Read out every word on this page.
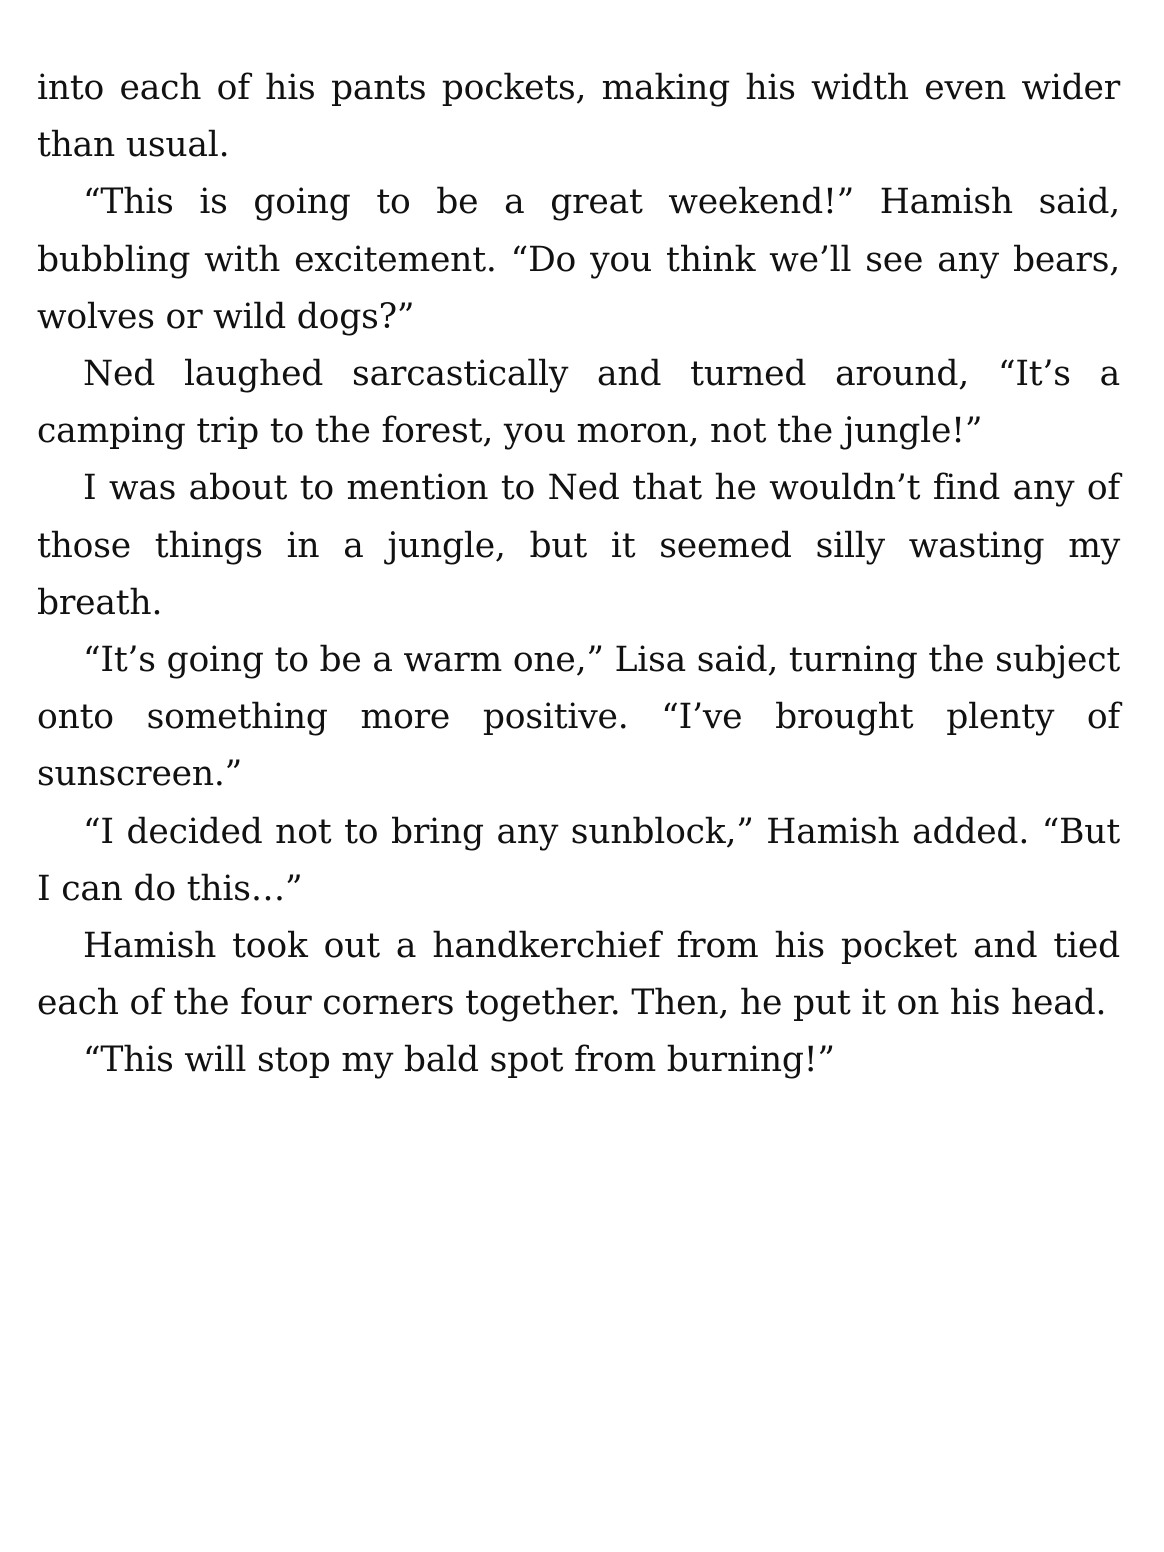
into each of his pants pockets, making his width even wider than usual.

“This is going to be a great weekend!” Hamish said, bubbling with excitement. “Do you think we’ll see any bears, wolves or wild dogs?”

Ned laughed sarcastically and turned around, “It’s a camping trip to the forest, you moron, not the jungle!”

I was about to mention to Ned that he wouldn’t find any of those things in a jungle, but it seemed silly wasting my breath.

“It’s going to be a warm one,” Lisa said, turning the subject onto something more positive. “I’ve brought plenty of sunscreen.”

“I decided not to bring any sunblock,” Hamish added. “But I can do this…”

Hamish took out a handkerchief from his pocket and tied each of the four corners together. Then, he put it on his head.

“This will stop my bald spot from burning!”
